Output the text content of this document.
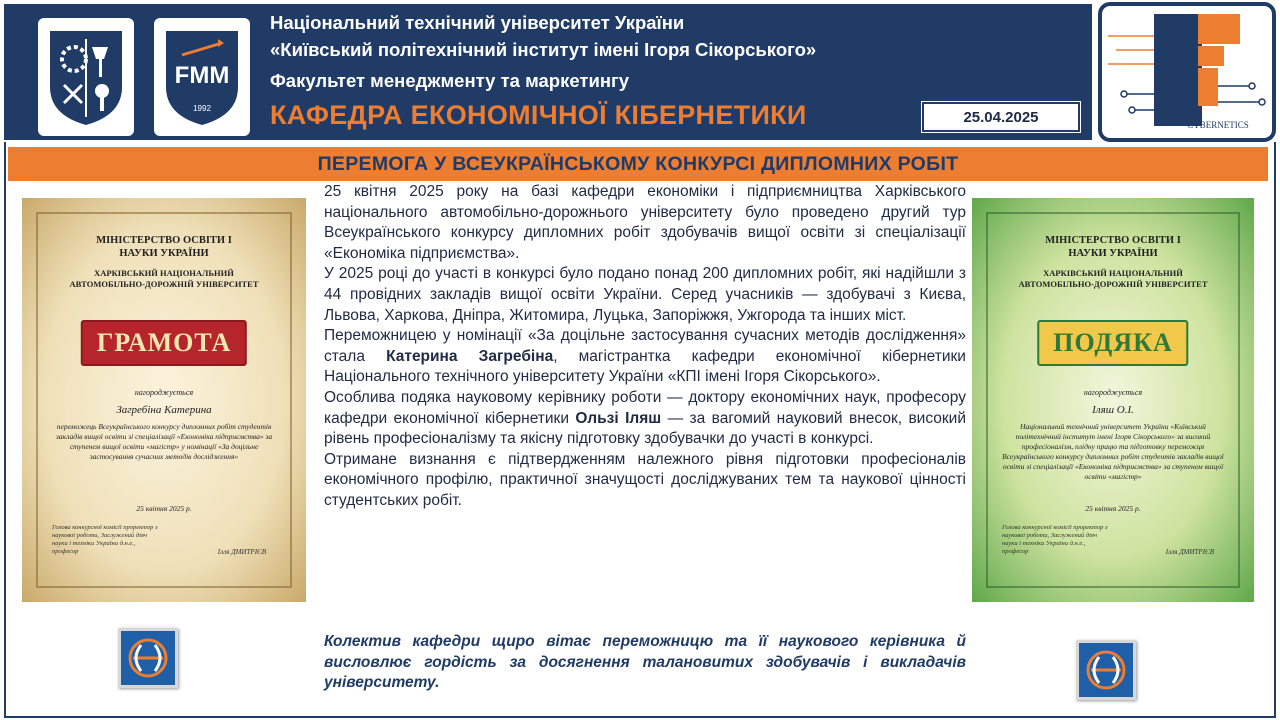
FMM
1992
Національний технічний університет України
«Київський політехнічний інститут імені Ігоря Сікорського»
Факультет менеджменту та маркетингу
КАФЕДРА ЕКОНОМІЧНОЇ КІБЕРНЕТИКИ	25.04.2025	CYBERNETICS
ПЕРЕМОГА У ВСЕУКРАЇНСЬКОМУ КОНКУРСІ ДИПЛОМНИХ РОБІТ
МІНІСТЕРСТВО ОСВІТИ І НАУКИ УКРАЇНИ
ХАРКІВСЬКИЙ НАЦІОНАЛЬНИЙ АВТОМОБІЛЬНО-ДОРОЖНІЙ УНІВЕРСИТЕТ
ГРАМОТА
нагороджується
Загребіна Катерина
переможець Всеукраїнського конкурсу дипломних робіт студентів закладів вищої освіти зі спеціалізації «Економіка підприємства» за ступенем вищої освіти «магістр» у номінації «За доцільне застосування сучасних методів дослідження»
25 квітня 2025 р.
Голова конкурсної комісії проректор з наукової роботи, Заслужений діяч науки і техніки України д.н.е., професор	Ілля ДМИТРІЄВ
МІНІСТЕРСТВО ОСВІТИ І НАУКИ УКРАЇНИ
ХАРКІВСЬКИЙ НАЦІОНАЛЬНИЙ АВТОМОБІЛЬНО-ДОРОЖНІЙ УНІВЕРСИТЕТ
ПОДЯКА
нагороджується
Іляш О.І.
Національний технічний університет України «Київський політехнічний інститут імені Ігоря Сікорського» за високий професіоналізм, плідну працю та підготовку переможця Всеукраїнського конкурсу дипломних робіт студентів закладів вищої освіти зі спеціалізації «Економіка підприємства» за ступенем вищої освіти «магістр»
25 квітня 2025 р.
Голова конкурсної комісії проректор з наукової роботи, Заслужений діяч науки і техніки України д.н.е., професор	Ілля ДМИТРІЄВ

25 квітня 2025 року на базі кафедри економіки і підприємництва Харківського національного автомобільно-дорожнього університету було проведено другий тур Всеукраїнського конкурсу дипломних робіт здобувачів вищої освіти зі спеціалізації «Економіка підприємства».

У 2025 році до участі в конкурсі було подано понад 200 дипломних робіт, які надійшли з 44 провідних закладів вищої освіти України. Серед учасників — здобувачі з Києва, Львова, Харкова, Дніпра, Житомира, Луцька, Запоріжжя, Ужгорода та інших міст.

Переможницею у номінації «За доцільне застосування сучасних методів дослідження» стала Катерина Загребіна, магістрантка кафедри економічної кібернетики Національного технічного університету України «КПІ імені Ігоря Сікорського».

Особлива подяка науковому керівнику роботи — доктору економічних наук, професору кафедри економічної кібернетики Ользі Іляш — за вагомий науковий внесок, високий рівень професіоналізму та якісну підготовку здобувачки до участі в конкурсі.

Отримане визнання є підтвердженням належного рівня підготовки професіоналів економічного профілю, практичної значущості досліджуваних тем та наукової цінності студентських робіт.

Колектив кафедри щиро вітає переможницю та її наукового керівника й висловлює гордість за досягнення талановитих здобувачів і викладачів університету.
